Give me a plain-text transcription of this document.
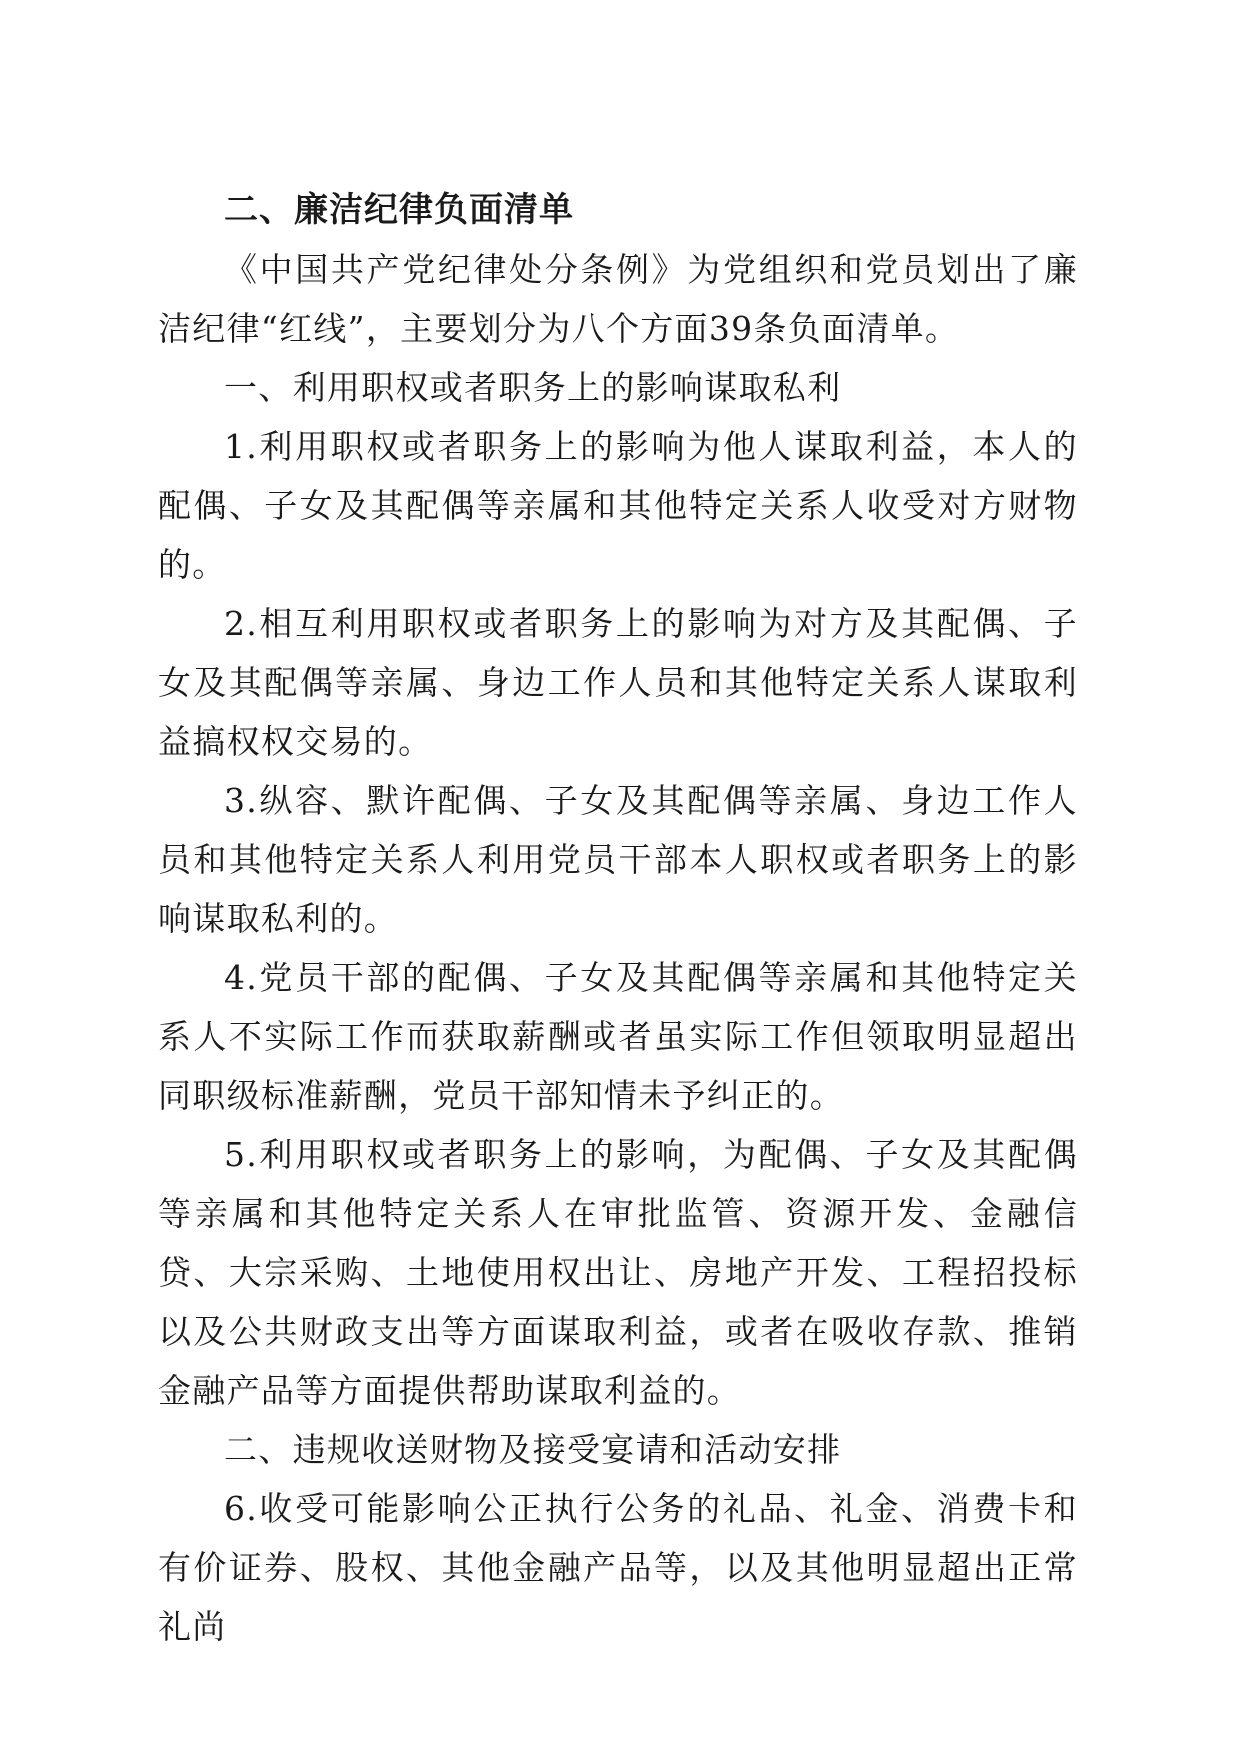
二、廉洁纪律负面清单

《中国共产党纪律处分条例》为党组织和党员划出了廉洁纪律“红线”，主要划分为八个方面39条负面清单。

一、利用职权或者职务上的影响谋取私利

1.利用职权或者职务上的影响为他人谋取利益，本人的配偶、子女及其配偶等亲属和其他特定关系人收受对方财物的。

2.相互利用职权或者职务上的影响为对方及其配偶、子女及其配偶等亲属、身边工作人员和其他特定关系人谋取利益搞权权交易的。

3.纵容、默许配偶、子女及其配偶等亲属、身边工作人员和其他特定关系人利用党员干部本人职权或者职务上的影响谋取私利的。

4.党员干部的配偶、子女及其配偶等亲属和其他特定关系人不实际工作而获取薪酬或者虽实际工作但领取明显超出同职级标准薪酬，党员干部知情未予纠正的。

5.利用职权或者职务上的影响，为配偶、子女及其配偶等亲属和其他特定关系人在审批监管、资源开发、金融信贷、大宗采购、土地使用权出让、房地产开发、工程招投标以及公共财政支出等方面谋取利益，或者在吸收存款、推销金融产品等方面提供帮助谋取利益的。

二、违规收送财物及接受宴请和活动安排

6.收受可能影响公正执行公务的礼品、礼金、消费卡和有价证券、股权、其他金融产品等，以及其他明显超出正常礼尚
